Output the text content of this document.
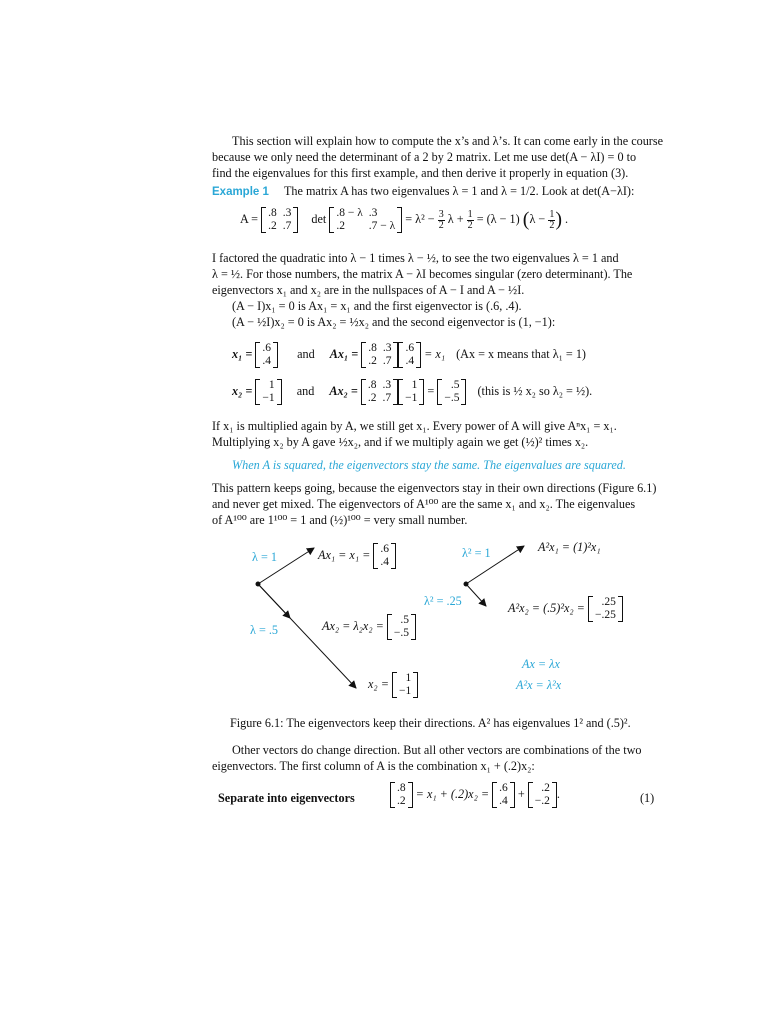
This section will explain how to compute the x’s and λ’s. It can come early in the course
because we only need the determinant of a 2 by 2 matrix. Let me use det(A − λI) = 0 to
find the eigenvalues for this first example, and then derive it properly in equation (3).
Example 1 The matrix A has two eigenvalues λ = 1 and λ = 1/2. Look at det(A−λI):
A = .8	.3
.2	.7
det .8 − λ	.3
.2	.7 − λ
= $\lambda^2 - \frac{3}{2}$ $\lambda + \frac{1}{2} = (\lambda - 1) (\lambda - \frac{1}{2}$ ) .
I factored the quadratic into λ − 1 times λ − ½, to see the two eigenvalues λ = 1 and
λ = ½. For those numbers, the matrix A − λI becomes singular (zero determinant). The
eigenvectors x₁ and x₂ are in the nullspaces of A − I and A − ½I.
(A − I)x₁ = 0 is Ax₁ = x₁ and the first eigenvector is (.6, .4).
(A − ½I)x₂ = 0 is Ax₂ = ½x₂ and the second eigenvector is (1, −1):
x₁ = .6
.4
and Ax₁ = .8	.3
.2	.7
.6
.4
= x₁ (Ax = x means that λ₁ = 1)
x₂ = 1
−1
and Ax₂ = .8	.3
.2	.7
1
−1
= .5
−.5
(this is ½ x₂ so λ₂ = ½).
If x₁ is multiplied again by A, we still get x₁. Every power of A will give Aⁿx₁ = x₁.
Multiplying x₂ by A gave ½x₂, and if we multiply again we get (½)² times x₂.
When A is squared, the eigenvectors stay the same. The eigenvalues are squared.
This pattern keeps going, because the eigenvectors stay in their own directions (Figure 6.1)
and never get mixed. The eigenvectors of A¹⁰⁰ are the same x₁ and x₂. The eigenvalues
of A¹⁰⁰ are 1¹⁰⁰ = 1 and (½)¹⁰⁰ = very small number.
λ = 1
λ = .5
Ax₁ = x₁ = .6
.4
Ax₂ = λ₂x₂ = .5
−.5
x₂ = 1
−1
λ² = 1
λ² = .25
A²x₁ = (1)²x₁
A²x₂ = (.5)²x₂ = .25
−.25
Ax = λx
A²x = λ²x
Figure 6.1: The eigenvectors keep their directions. A² has eigenvalues 1² and (.5)².
Other vectors do change direction. But all other vectors are combinations of the two
eigenvectors. The first column of A is the combination x₁ + (.2)x₂:
Separate into eigenvectors
.8
.2
= x₁ + (.2)x₂ = .6
.4
+ .2
−.2
.	(1)
